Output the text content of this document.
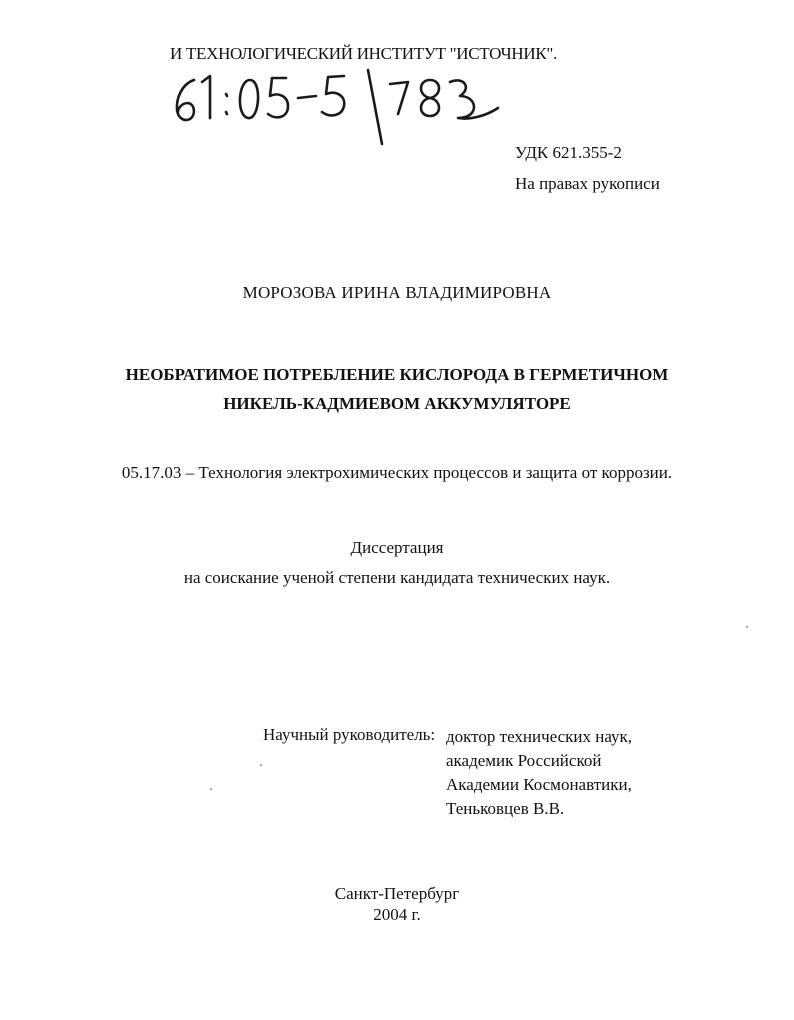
И ТЕХНОЛОГИЧЕСКИЙ ИНСТИТУТ "ИСТОЧНИК".
УДК 621.355-2
На правах рукописи
МОРОЗОВА ИРИНА ВЛАДИМИРОВНА
НЕОБРАТИМОЕ ПОТРЕБЛЕНИЕ КИСЛОРОДА В ГЕРМЕТИЧНОМ
НИКЕЛЬ-КАДМИЕВОМ АККУМУЛЯТОРЕ
05.17.03 – Технология электрохимических процессов и защита от коррозии.
Диссертация
на соискание ученой степени кандидата технических наук.
Научный руководитель: доктор технических наук,
академик Российской
Академии Космонавтики,
Теньковцев В.В.
Санкт-Петербург
2004 г.
